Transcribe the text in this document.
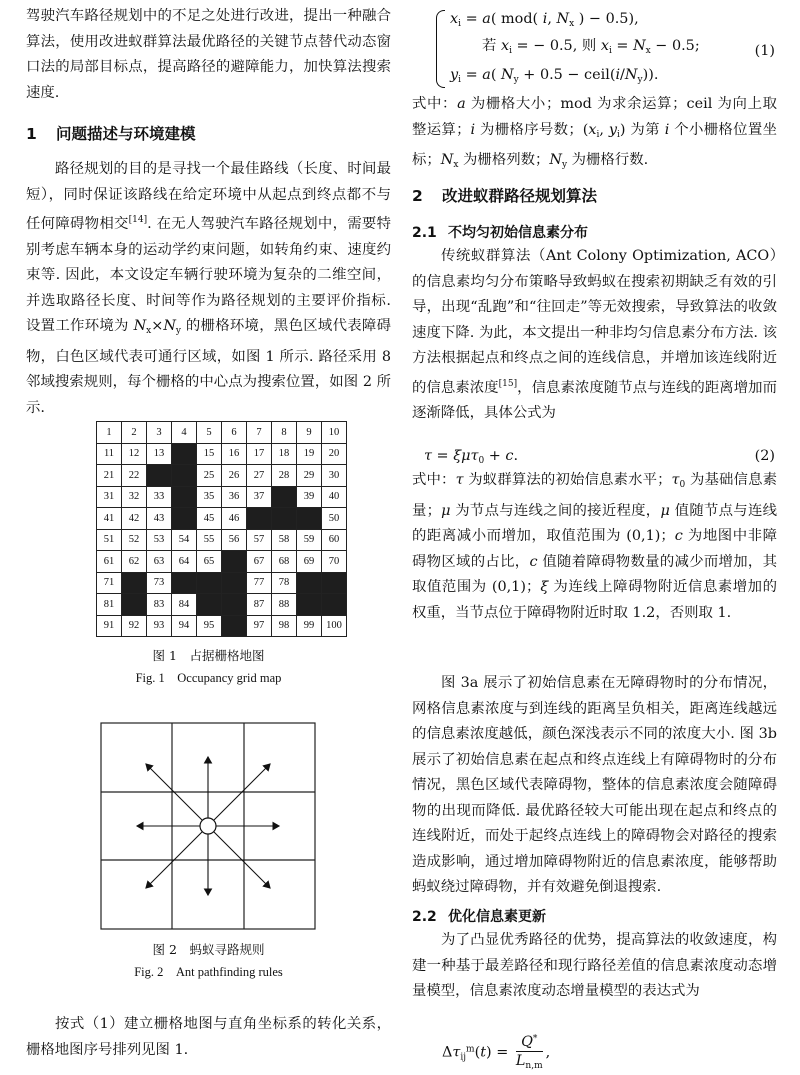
驾驶汽车路径规划中的不足之处进行改进，提出一种融合算法，使用改进蚁群算法最优路径的关键节点替代动态窗口法的局部目标点，提高路径的避障能力，加快算法搜索速度.

1 问题描述与环境建模

路径规划的目的是寻找一个最佳路线（长度、时间最短），同时保证该路线在给定环境中从起点到终点都不与任何障碍物相交[14]. 在无人驾驶汽车路径规划中，需要特别考虑车辆本身的运动学约束问题，如转角约束、速度约束等. 因此，本文设定车辆行驶环境为复杂的二维空间，并选取路径长度、时间等作为路径规划的主要评价指标. 设置工作环境为 $N_x\times N_y$ 的栅格环境，黑色区域代表障碍物，白色区域代表可通行区域，如图 1 所示. 路径采用 8 邻域搜索规则，每个栅格的中心点为搜索位置，如图 2 所示.

1	2	3	4	5	6	7	8	9	10
11	12	13		15	16	17	18	19	20
21	22			25	26	27	28	29	30
31	32	33		35	36	37		39	40
41	42	43		45	46				50
51	52	53	54	55	56	57	58	59	60
61	62	63	64	65		67	68	69	70
71		73				77	78		
81		83	84			87	88		
91	92	93	94	95		97	98	99	100
图 1　占据栅格地图
Fig. 1　Occupancy grid map
图 2　蚂蚁寻路规则
Fig. 2　Ant pathfinding rules

按式（1）建立栅格地图与直角坐标系的转化关系，栅格地图序号排列见图 1.

$x_i = a$( mod( i, $N_x$ ) − 0.5),
若 $x_i$ = − 0.5, 则 $x_i = N_x - 0.5$;
$y_i = a$( $N_y + 0.5$ − $ceil(i/N_y)$).
(1)

式中：a 为栅格大小；mod 为求余运算；ceil 为向上取整运算；i 为栅格序号数；($x_i$, $y_i$) 为第 i 个小栅格位置坐标；$N_x$ 为栅格列数；$N_y$ 为栅格行数.

2 改进蚁群路径规划算法
2.1 不均匀初始信息素分布

传统蚁群算法（Ant Colony Optimization, ACO）的信息素均匀分布策略导致蚂蚁在搜索初期缺乏有效的引导，出现“乱跑”和“往回走”等无效搜索，导致算法的收敛速度下降. 为此，本文提出一种非均匀信息素分布方法. 该方法根据起点和终点之间的连线信息，并增加该连线附近的信息素浓度[15]，信息素浓度随节点与连线的距离增加而逐渐降低，具体公式为

τ = ξμτ$_0$ + c.	(2)

式中：τ 为蚁群算法的初始信息素水平；$\tau_0$ 为基础信息素量；μ 为节点与连线之间的接近程度，μ 值随节点与连线的距离减小而增加，取值范围为 (0,1)；c 为地图中非障碍物区域的占比，c 值随着障碍物数量的减少而增加，其取值范围为 (0,1)；ξ 为连线上障碍物附近信息素增加的权重，当节点位于障碍物附近时取 1.2，否则取 1.

图 3a 展示了初始信息素在无障碍物时的分布情况，网格信息素浓度与到连线的距离呈负相关，距离连线越远的信息素浓度越低，颜色深浅表示不同的浓度大小. 图 3b 展示了初始信息素在起点和终点连线上有障碍物时的分布情况，黑色区域代表障碍物，整体的信息素浓度会随障碍物的出现而降低. 最优路径较大可能出现在起点和终点的连线附近，而处于起终点连线上的障碍物会对路径的搜索造成影响，通过增加障碍物附近的信息素浓度，能够帮助蚂蚁绕过障碍物，并有效避免倒退搜索.

2.2 优化信息素更新

为了凸显优秀路径的优势，提高算法的收敛速度，构建一种基于最差路径和现行路径差值的信息素浓度动态增量模型，信息素浓度动态增量模型的表达式为

$\Delta\tau_{ij}^m(t) = \frac{Q^*}{L_{n,m}}$ ,
